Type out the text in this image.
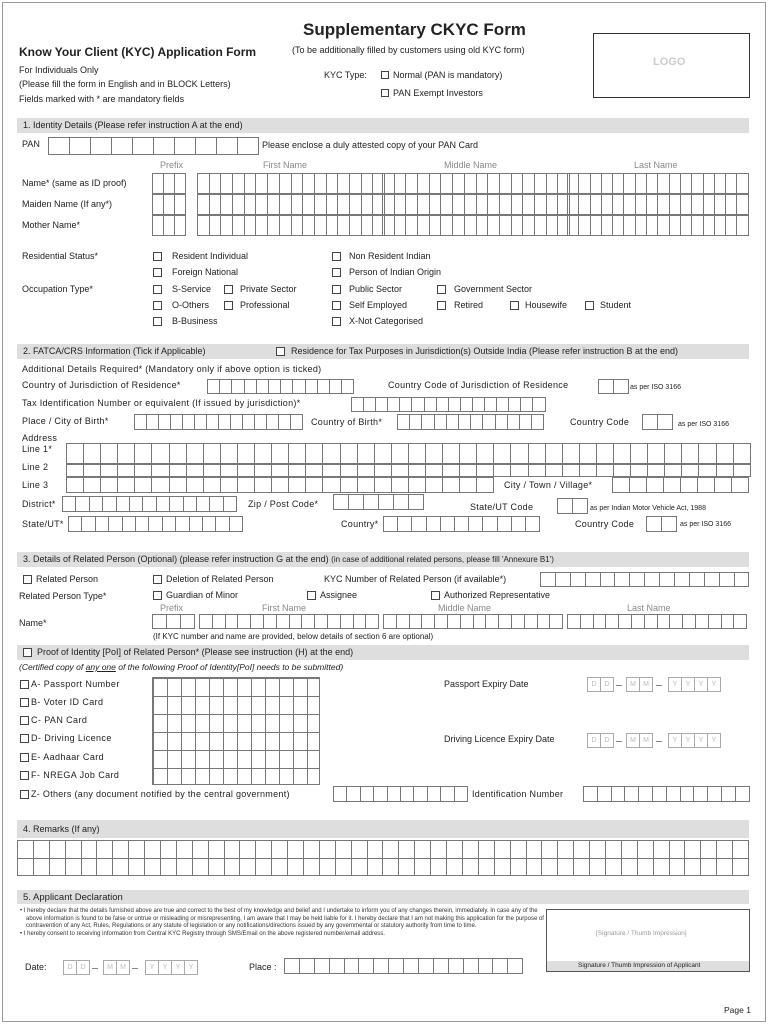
Supplementary CKYC Form
(To be additionally filled by customers using old KYC form)
KYC Type:	Normal (PAN is mandatory)
PAN Exempt Investors
LOGO
Know Your Client (KYC) Application Form
For Individuals Only
(Please fill the form in English and in BLOCK Letters)
Fields marked with * are mandatory fields
1. Identity Details (Please refer instruction A at the end)
PAN	Please enclose a duly attested copy of your PAN Card
Prefix	First Name	Middle Name	Last Name
Name* (same as ID proof)
Maiden Name (If any*)
Mother Name*
Residential Status*	Resident Individual
Foreign National
Non Resident Indian
Person of Indian Origin
Occupation Type*	S-Service	Private Sector	Public Sector	Government Sector
O-Others	Professional	Self Employed	Retired	Housewife	Student
B-Business	X-Not Categorised
2. FATCA/CRS Information (Tick if Applicable)	Residence for Tax Purposes in Jurisdiction(s) Outside India (Please refer instruction B at the end)
Additional Details Required* (Mandatory only if above option is ticked)
Country of Jurisdiction of Residence*	Country Code of Jurisdiction of Residence	as per ISO 3166
Tax Identification Number or equivalent (If issued by jurisdiction)*
Place / City of Birth*	Country of Birth*	Country Code	as per ISO 3166
Address
Line 1*
Line 2
Line 3	City / Town / Village*
District*	Zip / Post Code*	State/UT Code	as per Indian Motor Vehicle Act, 1988
State/UT*	Country*	Country Code	as per ISO 3166
3. Details of Related Person (Optional) (please refer instruction G at the end) (in case of additional related persons, please fill 'Annexure B1')
Related Person	Deletion of Related Person	KYC Number of Related Person (if available*)
Related Person Type*	Guardian of Minor	Assignee	Authorized Representative
Prefix	First Name	Middle Name	Last Name
Name*
(If KYC number and name are provided, below details of section 6 are optional)
Proof of Identity [PoI] of Related Person* (Please see instruction (H) at the end)
(Certified copy of any one of the following Proof of Identity[PoI] needs to be submitted)
A- Passport Number
B- Voter ID Card
C- PAN Card
D- Driving Licence
E- Aadhaar Card
F- NREGA Job Card
Passport Expiry Date	D	D	M	M	Y	Y	Y	Y
Driving Licence Expiry Date	D	D	M	M	Y	Y	Y	Y
Z- Others (any document notified by the central government)	Identification Number
4. Remarks (If any)
5. Applicant Declaration
• I hereby declare that the details furnished above are true and correct to the best of my knowledge and belief and I undertake to inform you of any changes therein, immediately. In case any of the above information is found to be false or untrue or misleading or misrepresenting, I am aware that I may be held liable for it. I hereby declare that I am not making this application for the purpose of contravention of any Act, Rules, Regulations or any statute of legislation or any notifications/directions issued by any governmental or statutory authority from time to time.
• I hereby consent to receiving information from Central KYC Registry through SMS/Email on the above registered number/email address.
Date:	D	D	M	M	Y	Y	Y	Y	Place :
[Signature / Thumb Impression]
Signature / Thumb Impression of Applicant
Page 1
